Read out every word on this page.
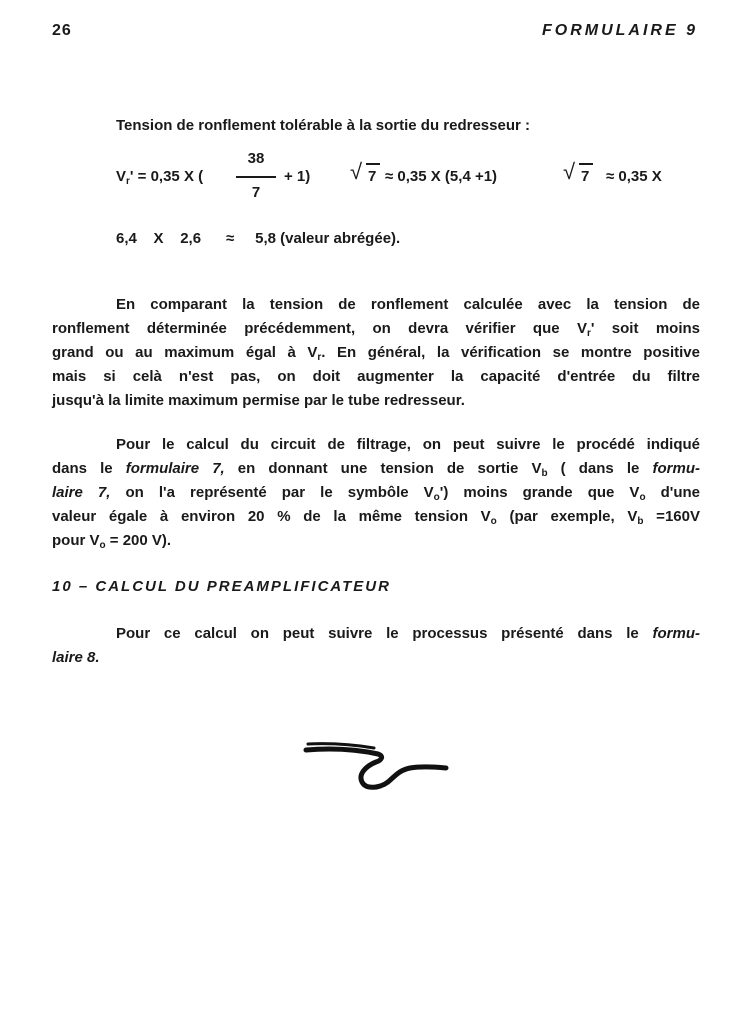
26	FORMULAIRE 9
Tension de ronflement tolérable à la sortie du redresseur :
$V_r' = 0,35$ X (
38
7
+ 1) √ 7 ≈ 0,35 X (5,4 +1)	√ 7 ≈ 0,35 X
6,4    X    2,6      ≈     5,8 (valeur abrégée).
En comparant la tension de ronflement calculée avec la tension de
ronflement déterminée précédemment, on devra vérifier que $V_r'$ soit moins
grand ou au maximum égal à $V_r$. En général, la vérification se montre positive
mais si celà n'est pas, on doit augmenter la capacité d'entrée du filtre
jusqu'à la limite maximum permise par le tube redresseur.
Pour le calcul du circuit de filtrage, on peut suivre le procédé indiqué
dans le formulaire 7, en donnant une tension de sortie $V_b$ ( dans le formu-
laire 7, on l'a représenté par le symbôle $V_o'$) moins grande que $V_o$ d'une
valeur égale à environ 20 % de la même tension $V_o$ (par exemple, $V_b =160V$
pour $V_o = 200$ V).
10 – CALCUL DU PREAMPLIFICATEUR
Pour ce calcul on peut suivre le processus présenté dans le formu-
laire 8.
